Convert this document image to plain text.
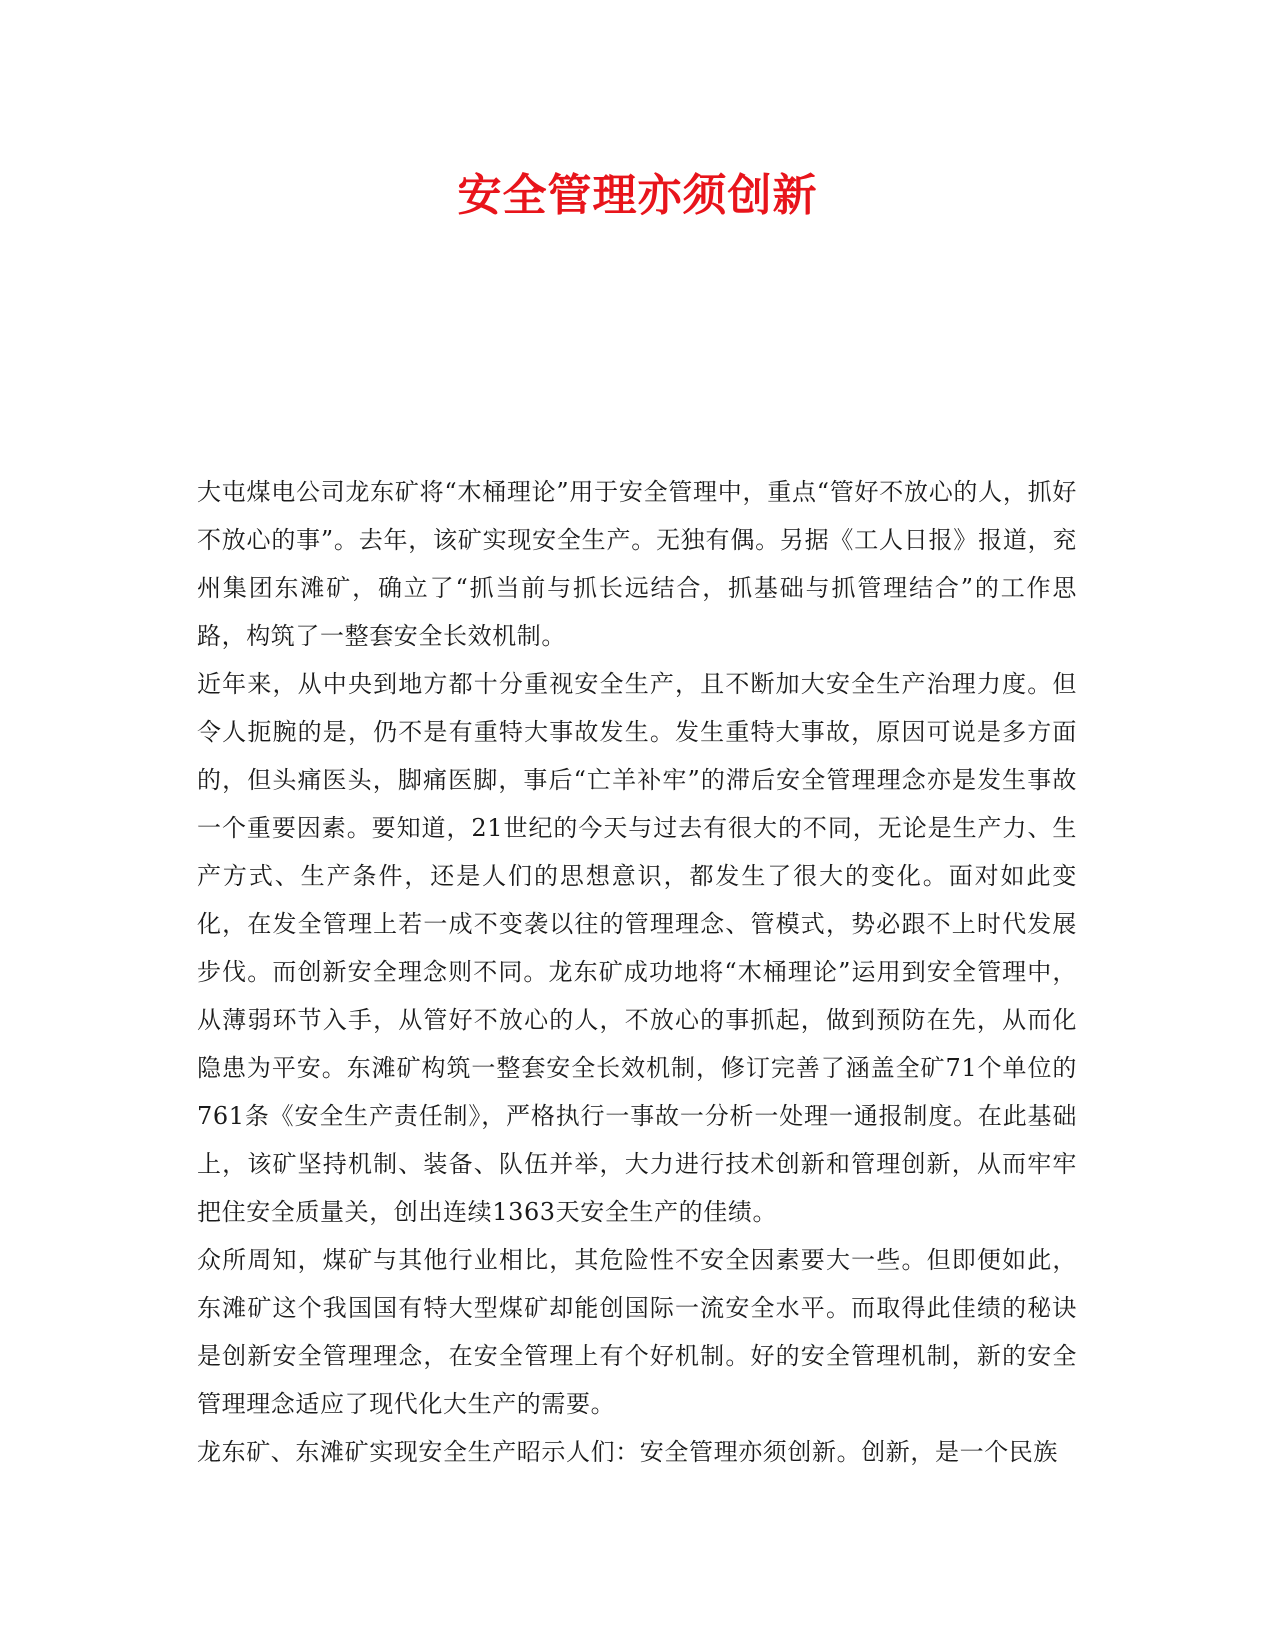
安全管理亦须创新

大屯煤电公司龙东矿将“木桶理论”用于安全管理中，重点“管好不放心的人，抓好不放心的事”。去年，该矿实现安全生产。无独有偶。另据《工人日报》报道，兖州集团东滩矿，确立了“抓当前与抓长远结合，抓基础与抓管理结合”的工作思路，构筑了一整套安全长效机制。

近年来，从中央到地方都十分重视安全生产，且不断加大安全生产治理力度。但令人扼腕的是，仍不是有重特大事故发生。发生重特大事故，原因可说是多方面的，但头痛医头，脚痛医脚，事后“亡羊补牢”的滞后安全管理理念亦是发生事故一个重要因素。要知道，21世纪的今天与过去有很大的不同，无论是生产力、生产方式、生产条件，还是人们的思想意识，都发生了很大的变化。面对如此变化，在发全管理上若一成不变袭以往的管理理念、管模式，势必跟不上时代发展步伐。而创新安全理念则不同。龙东矿成功地将“木桶理论”运用到安全管理中，从薄弱环节入手，从管好不放心的人，不放心的事抓起，做到预防在先，从而化隐患为平安。东滩矿构筑一整套安全长效机制，修订完善了涵盖全矿71个单位的761条《安全生产责任制》，严格执行一事故一分析一处理一通报制度。在此基础上，该矿坚持机制、装备、队伍并举，大力进行技术创新和管理创新，从而牢牢把住安全质量关，创出连续1363天安全生产的佳绩。

众所周知，煤矿与其他行业相比，其危险性不安全因素要大一些。但即便如此，东滩矿这个我国国有特大型煤矿却能创国际一流安全水平。而取得此佳绩的秘诀是创新安全管理理念，在安全管理上有个好机制。好的安全管理机制，新的安全管理理念适应了现代化大生产的需要。

龙东矿、东滩矿实现安全生产昭示人们：安全管理亦须创新。创新，是一个民族
